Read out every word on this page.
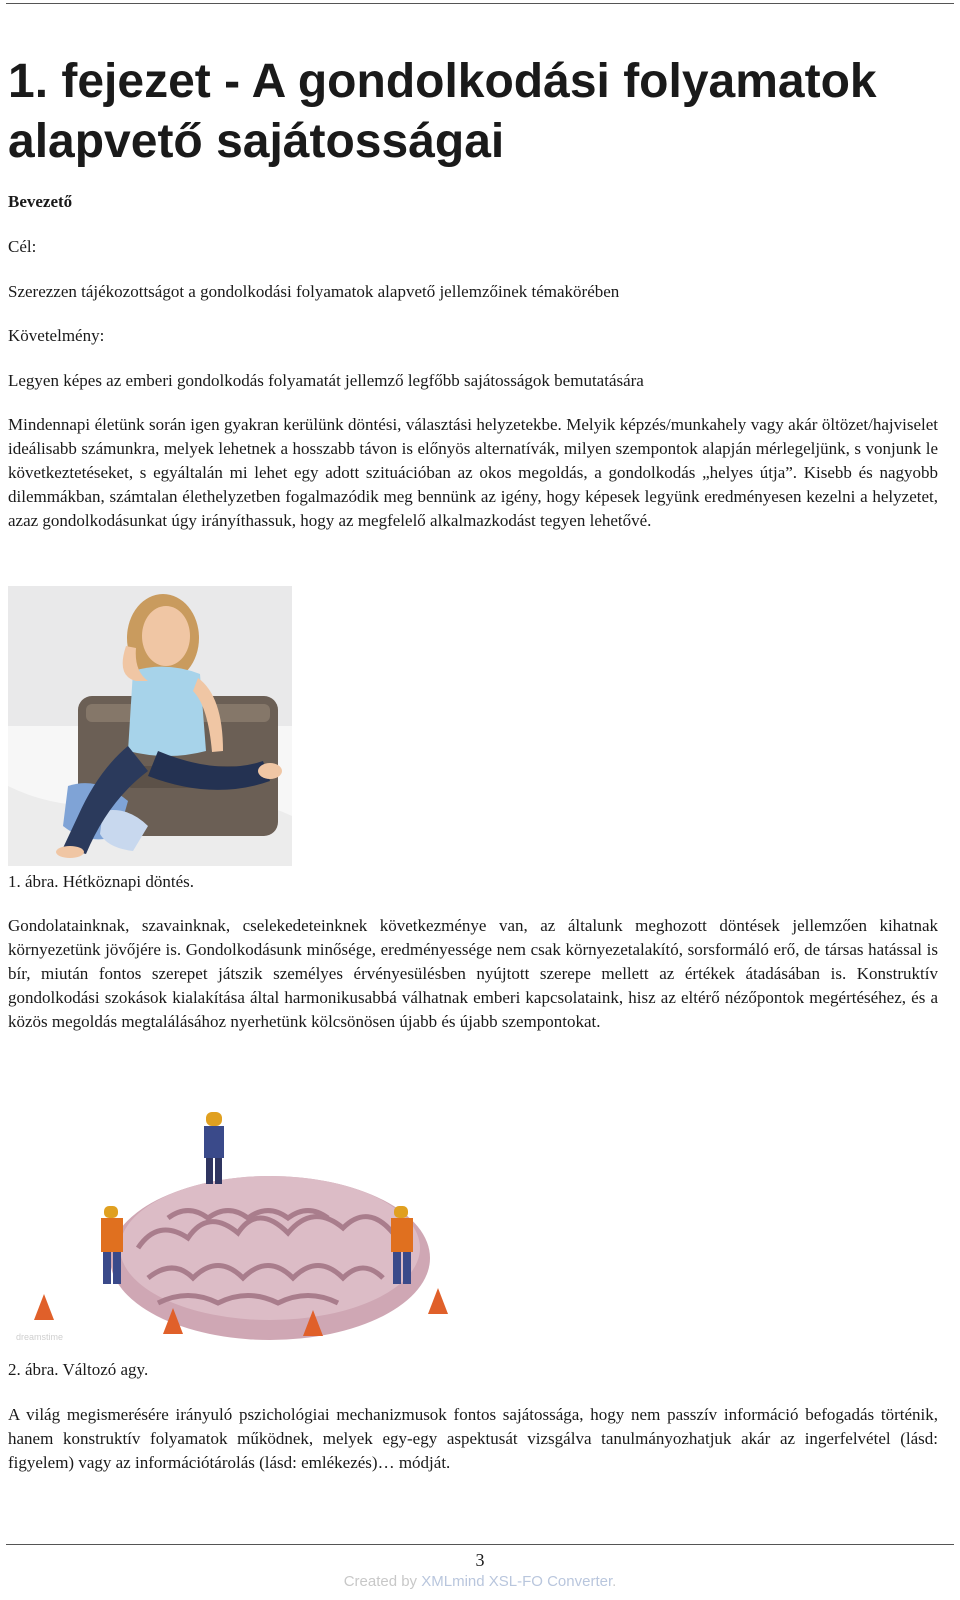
1. fejezet - A gondolkodási folyamatok alapvető sajátosságai

Bevezető

Cél:

Szerezzen tájékozottságot a gondolkodási folyamatok alapvető jellemzőinek témakörében

Követelmény:

Legyen képes az emberi gondolkodás folyamatát jellemző legfőbb sajátosságok bemutatására

Mindennapi életünk során igen gyakran kerülünk döntési, választási helyzetekbe. Melyik képzés/munkahely vagy akár öltözet/hajviselet ideálisabb számunkra, melyek lehetnek a hosszabb távon is előnyös alternatívák, milyen szempontok alapján mérlegeljünk, s vonjunk le következtetéseket, s egyáltalán mi lehet egy adott szituációban az okos megoldás, a gondolkodás „helyes útja”. Kisebb és nagyobb dilemmákban, számtalan élethelyzetben fogalmazódik meg bennünk az igény, hogy képesek legyünk eredményesen kezelni a helyzetet, azaz gondolkodásunkat úgy irányíthassuk, hogy az megfelelő alkalmazkodást tegyen lehetővé.

1. ábra. Hétköznapi döntés.

Gondolatainknak, szavainknak, cselekedeteinknek következménye van, az általunk meghozott döntések jellemzően kihatnak környezetünk jövőjére is. Gondolkodásunk minősége, eredményessége nem csak környezetalakító, sorsformáló erő, de társas hatással is bír, miután fontos szerepet játszik személyes érvényesülésben nyújtott szerepe mellett az értékek átadásában is. Konstruktív gondolkodási szokások kialakítása által harmonikusabbá válhatnak emberi kapcsolataink, hisz az eltérő nézőpontok megértéséhez, és a közös megoldás megtalálásához nyerhetünk kölcsönösen újabb és újabb szempontokat.

dreamstime

2. ábra. Változó agy.

A világ megismerésére irányuló pszichológiai mechanizmusok fontos sajátossága, hogy nem passzív információ befogadás történik, hanem konstruktív folyamatok működnek, melyek egy-egy aspektusát vizsgálva tanulmányozhatjuk akár az ingerfelvétel (lásd: figyelem) vagy az információtárolás (lásd: emlékezés)… módját.

3
Created by XMLmind XSL-FO Converter.
